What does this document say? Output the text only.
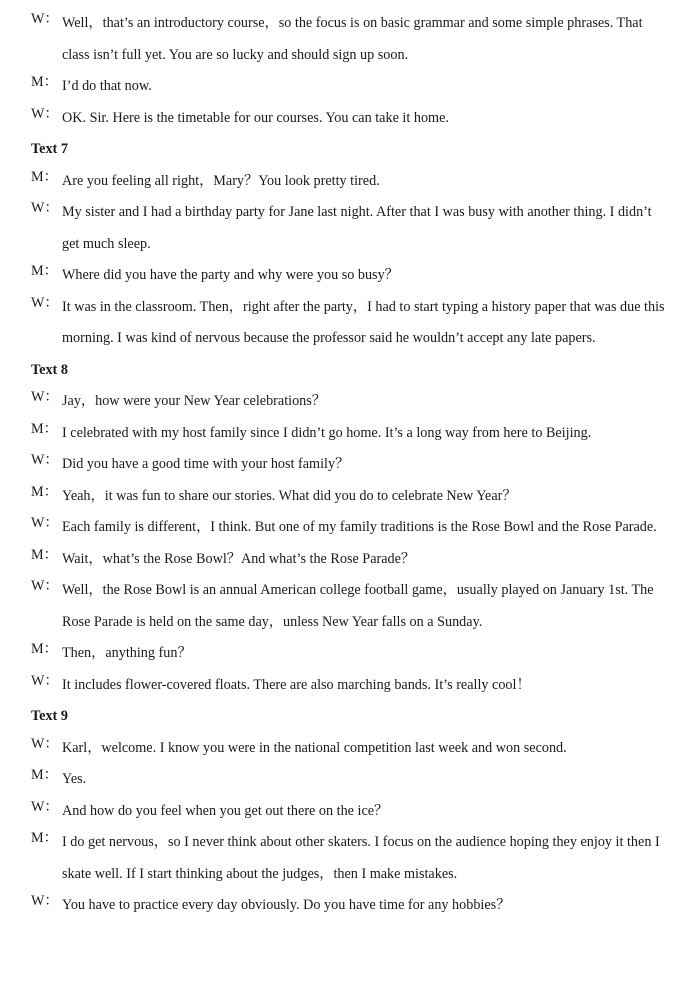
W： Well，that’s an introductory course，so the focus is on basic grammar and some simple phrases. That class isn’t full yet. You are so lucky and should sign up soon.
M： I’d do that now.
W： OK. Sir. Here is the timetable for our courses. You can take it home.
Text 7
M： Are you feeling all right，Mary？You look pretty tired.
W： My sister and I had a birthday party for Jane last night. After that I was busy with another thing. I didn’t get much sleep.
M： Where did you have the party and why were you so busy？
W： It was in the classroom. Then，right after the party，I had to start typing a history paper that was due this morning. I was kind of nervous because the professor said he wouldn’t accept any late papers.
Text 8
W： Jay，how were your New Year celebrations？
M： I celebrated with my host family since I didn’t go home. It’s a long way from here to Beijing.
W： Did you have a good time with your host family？
M： Yeah，it was fun to share our stories. What did you do to celebrate New Year？
W： Each family is different，I think. But one of my family traditions is the Rose Bowl and the Rose Parade.
M： Wait，what’s the Rose Bowl？And what’s the Rose Parade？
W： Well，the Rose Bowl is an annual American college football game，usually played on January 1st. The Rose Parade is held on the same day，unless New Year falls on a Sunday.
M： Then，anything fun？
W： It includes flower-covered floats. There are also marching bands. It’s really cool！
Text 9
W： Karl，welcome. I know you were in the national competition last week and won second.
M： Yes.
W： And how do you feel when you get out there on the ice？
M： I do get nervous，so I never think about other skaters. I focus on the audience hoping they enjoy it then I skate well. If I start thinking about the judges，then I make mistakes.
W： You have to practice every day obviously. Do you have time for any hobbies？
